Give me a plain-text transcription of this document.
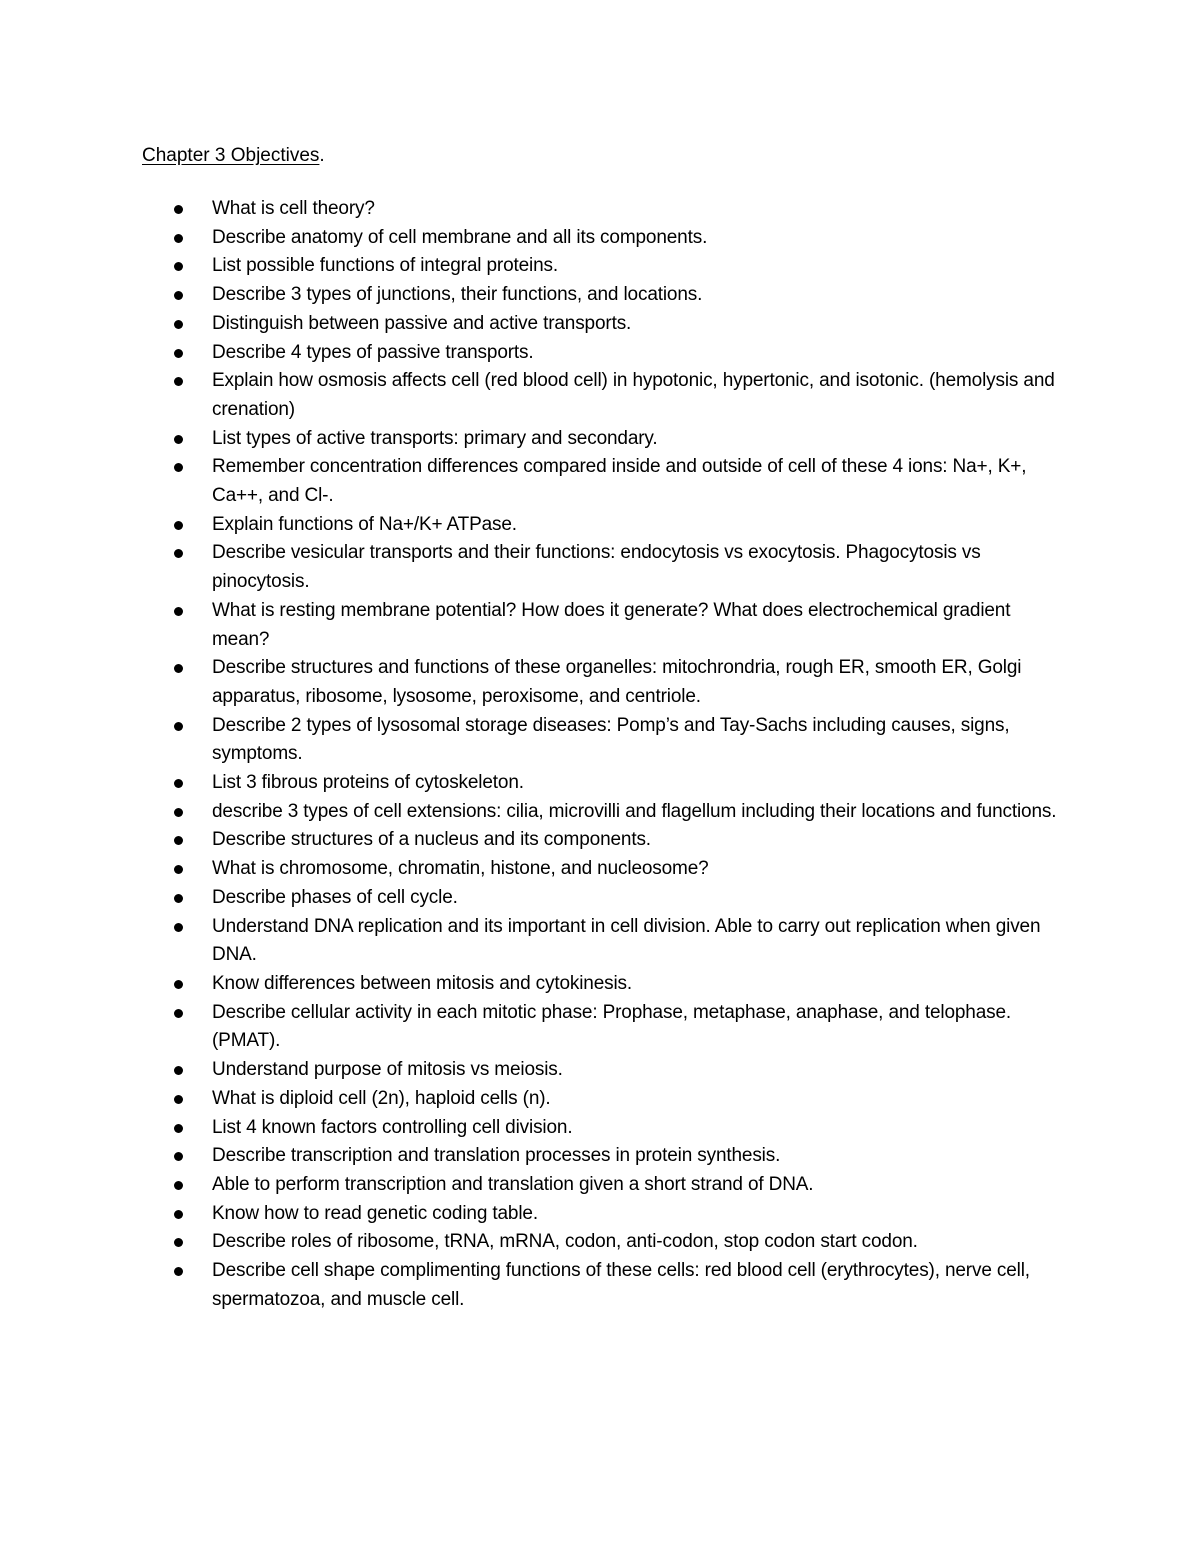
Chapter 3 Objectives.
What is cell theory?
Describe anatomy of cell membrane and all its components.
List possible functions of integral proteins.
Describe 3 types of junctions, their functions, and locations.
Distinguish between passive and active transports.
Describe 4 types of passive transports.
Explain how osmosis affects cell (red blood cell) in hypotonic, hypertonic, and isotonic. (hemolysis and crenation)
List types of active transports: primary and secondary.
Remember concentration differences compared inside and outside of cell of these 4 ions: Na+, K+, Ca++, and Cl-.
Explain functions of Na+/K+ ATPase.
Describe vesicular transports and their functions: endocytosis vs exocytosis. Phagocytosis vs pinocytosis.
What is resting membrane potential? How does it generate? What does electrochemical gradient mean?
Describe structures and functions of these organelles: mitochrondria, rough ER, smooth ER, Golgi apparatus, ribosome, lysosome, peroxisome, and centriole.
Describe 2 types of lysosomal storage diseases: Pomp’s and Tay-Sachs including causes, signs, symptoms.
List 3 fibrous proteins of cytoskeleton.
describe 3 types of cell extensions: cilia, microvilli and flagellum including their locations and functions.
Describe structures of a nucleus and its components.
What is chromosome, chromatin, histone, and nucleosome?
Describe phases of cell cycle.
Understand DNA replication and its important in cell division. Able to carry out replication when given DNA.
Know differences between mitosis and cytokinesis.
Describe cellular activity in each mitotic phase: Prophase, metaphase, anaphase, and telophase. (PMAT).
Understand purpose of mitosis vs meiosis.
What is diploid cell (2n), haploid cells (n).
List 4 known factors controlling cell division.
Describe transcription and translation processes in protein synthesis.
Able to perform transcription and translation given a short strand of DNA.
Know how to read genetic coding table.
Describe roles of ribosome, tRNA, mRNA, codon, anti-codon, stop codon start codon.
Describe cell shape complimenting functions of these cells: red blood cell (erythrocytes), nerve cell, spermatozoa, and muscle cell.
